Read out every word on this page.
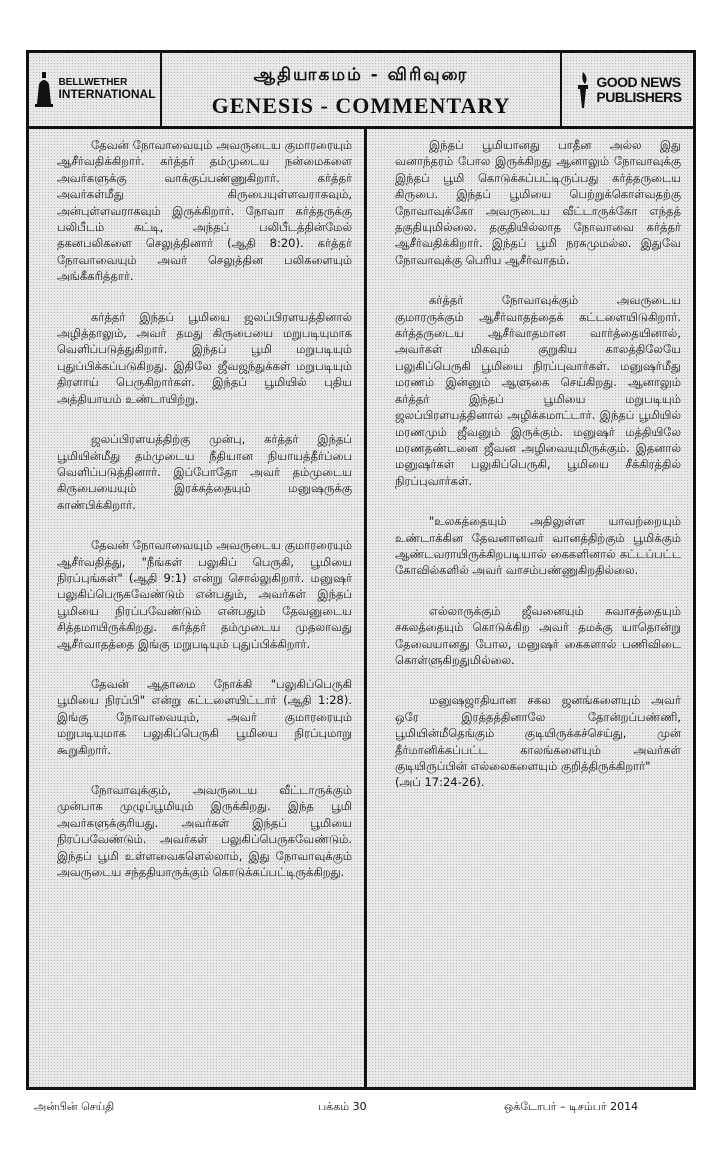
BELLWETHER
INTERNATIONAL
ஆதியாகமம் - விரிவுரை
GENESIS - COMMENTARY
GOOD NEWS
PUBLISHERS

தேவன் நோவாவையும் அவருடைய குமாரரையும் ஆசீர்வதிக்கிறார். கர்த்தர் தம்முடைய நன்மைகளை அவர்களுக்கு வாக்குப்பண்ணுகிறார். கர்த்தர் அவர்கள்மீது கிருபையுள்ளவராகவும், அன்புள்ளவராகவும் இருக்கிறார். நோவா கர்த்தருக்கு பலிபீடம் கட்டி, அந்தப் பலிபீடத்தின்மேல் தகனபலிகளை செலுத்தினார் (ஆதி 8:20). கர்த்தர் நோவாவையும் அவர் செலுத்தின பலிகளையும் அங்கீகரித்தார்.

கர்த்தர் இந்தப் பூமியை ஜலப்பிரளயத்தினால் அழித்தாலும், அவர் தமது கிருபையை மறுபடியுமாக வெளிப்படுத்துகிறார். இந்தப் பூமி மறுபடியும் புதுப்பிக்கப்படுகிறது. இதிலே ஜீவஜந்துக்கள் மறுபடியும் திரளாய் பெருகிறார்கள். இந்தப் பூமியில் புதிய அத்தியாயம் உண்டாயிற்று.

ஜலப்பிரளயத்திற்கு முன்பு, கர்த்தர் இந்தப் பூமியின்மீது தம்முடைய நீதியான நியாயத்தீர்ப்பை வெளிப்படுத்தினார். இப்போதோ அவர் தம்முடைய கிருபையையும் இரக்கத்தையும் மனுஷருக்கு காண்பிக்கிறார்.

தேவன் நோவாவையும் அவருடைய குமாரரையும் ஆசீர்வதித்து, "நீங்கள் பலுகிப் பெருகி, பூமியை நிரப்புங்கள்" (ஆதி 9:1) என்று சொல்லுகிறார். மனுஷர் பலுகிப்பெருகவேண்டும் என்பதும், அவர்கள் இந்தப் பூமியை நிரப்பவேண்டும் என்பதும் தேவனுடைய சித்தமாயிருக்கிறது. கர்த்தர் தம்முடைய முதலாவது ஆசீர்வாதத்தை இங்கு மறுபடியும் புதுப்பிக்கிறார்.

தேவன் ஆதாமை நோக்கி "பலுகிப்பெருகி பூமியை நிரப்பி" என்று கட்டளையிட்டார் (ஆதி 1:28). இங்கு நோவாவையும், அவர் குமாரரையும் மறுபடியுமாக பலுகிப்பெருகி பூமியை நிரப்புமாறு கூறுகிறார்.

நோவாவுக்கும், அவருடைய வீட்டாருக்கும் முன்பாக முழுப்பூமியும் இருக்கிறது. இந்த பூமி அவர்களுக்குரியது. அவர்கள் இந்தப் பூமியை நிரப்பவேண்டும். அவர்கள் பலுகிப்பெருகவேண்டும். இந்தப் பூமி உள்ளவைகளெல்லாம், இது நோவாவுக்கும் அவருடைய சந்ததியாருக்கும் கொடுக்கப்பட்டிருக்கிறது.

இந்தப் பூமியானது பாதீன அல்ல இது வனாந்தரம் போல இருக்கிறது ஆனாலும் நோவாவுக்கு இந்தப் பூமி கொடுக்கப்பட்டிருப்பது கர்த்தருடைய கிருபை. இந்தப் பூமியை பெற்றுக்கொள்வதற்கு நோவாவுக்கோ அவருடைய வீட்டாருக்கோ எந்தத் தகுதியுமில்லை. தகுதியில்லாத நோவாவை கர்த்தர் ஆசீர்வதிக்கிறார். இந்தப் பூமி நரகமுமல்ல. இதுவே நோவாவுக்கு பெரிய ஆசீர்வாதம்.

கர்த்தர் நோவாவுக்கும் அவருடைய குமாரருக்கும் ஆசீர்வாதத்தைக் கட்டளையிடுகிறார். கர்த்தருடைய ஆசீர்வாதமான வார்த்தையினால், அவர்கள் மிகவும் குறுகிய காலத்திலேயே பலுகிப்பெருகி பூமியை நிரப்புவார்கள். மனுஷர்மீது மரணம் இன்னும் ஆளுகை செய்கிறது. ஆனாலும் கர்த்தர் இந்தப் பூமியை மறுபடியும் ஜலப்பிரளயத்தினால் அழிக்கமாட்டார். இந்தப் பூமியில் மரணமும் ஜீவனும் இருக்கும். மனுஷர் மத்தியிலே மரணதண்டனை ஜீவன அழிவையுமிருக்கும். இதனால் மனுஷர்கள் பலுகிப்பெருகி, பூமியை சீக்கிரத்தில் நிரப்புவார்கள்.

"உலகத்தையும் அதிலுள்ள யாவற்றையும் உண்டாக்கின தேவனானவர் வானத்திற்கும் பூமிக்கும் ஆண்டவராயிருக்கிறபடியால் கைகளினால் கட்டப்பட்ட கோவில்களில் அவர் வாசம்பண்ணுகிறதில்லை.

எல்லாருக்கும் ஜீவனையும் சுவாசத்தையும் சகலத்தையும் கொடுக்கிற அவர் தமக்கு யாதொன்று தேவையானது போல, மனுஷர் கைகளால் பணிவிடை கொள்ளுகிறதுமில்லை.

மனுஷஜாதியான சகல ஜனங்களையும் அவர் ஒரே இரத்தத்தினாலே தோன்றப்பண்ணி, பூமியின்மீதெங்கும் குடியிருக்கச்செய்து, முன் தீர்மானிக்கப்பட்ட காலங்களையும் அவர்கள் குடியிருப்பின் எல்லைகளையும் குறித்திருக்கிறார்"

(அப் 17:24-26).

அன்பின் செய்தி	பக்கம் 30	ஒக்டோபர் – டிசம்பர் 2014
